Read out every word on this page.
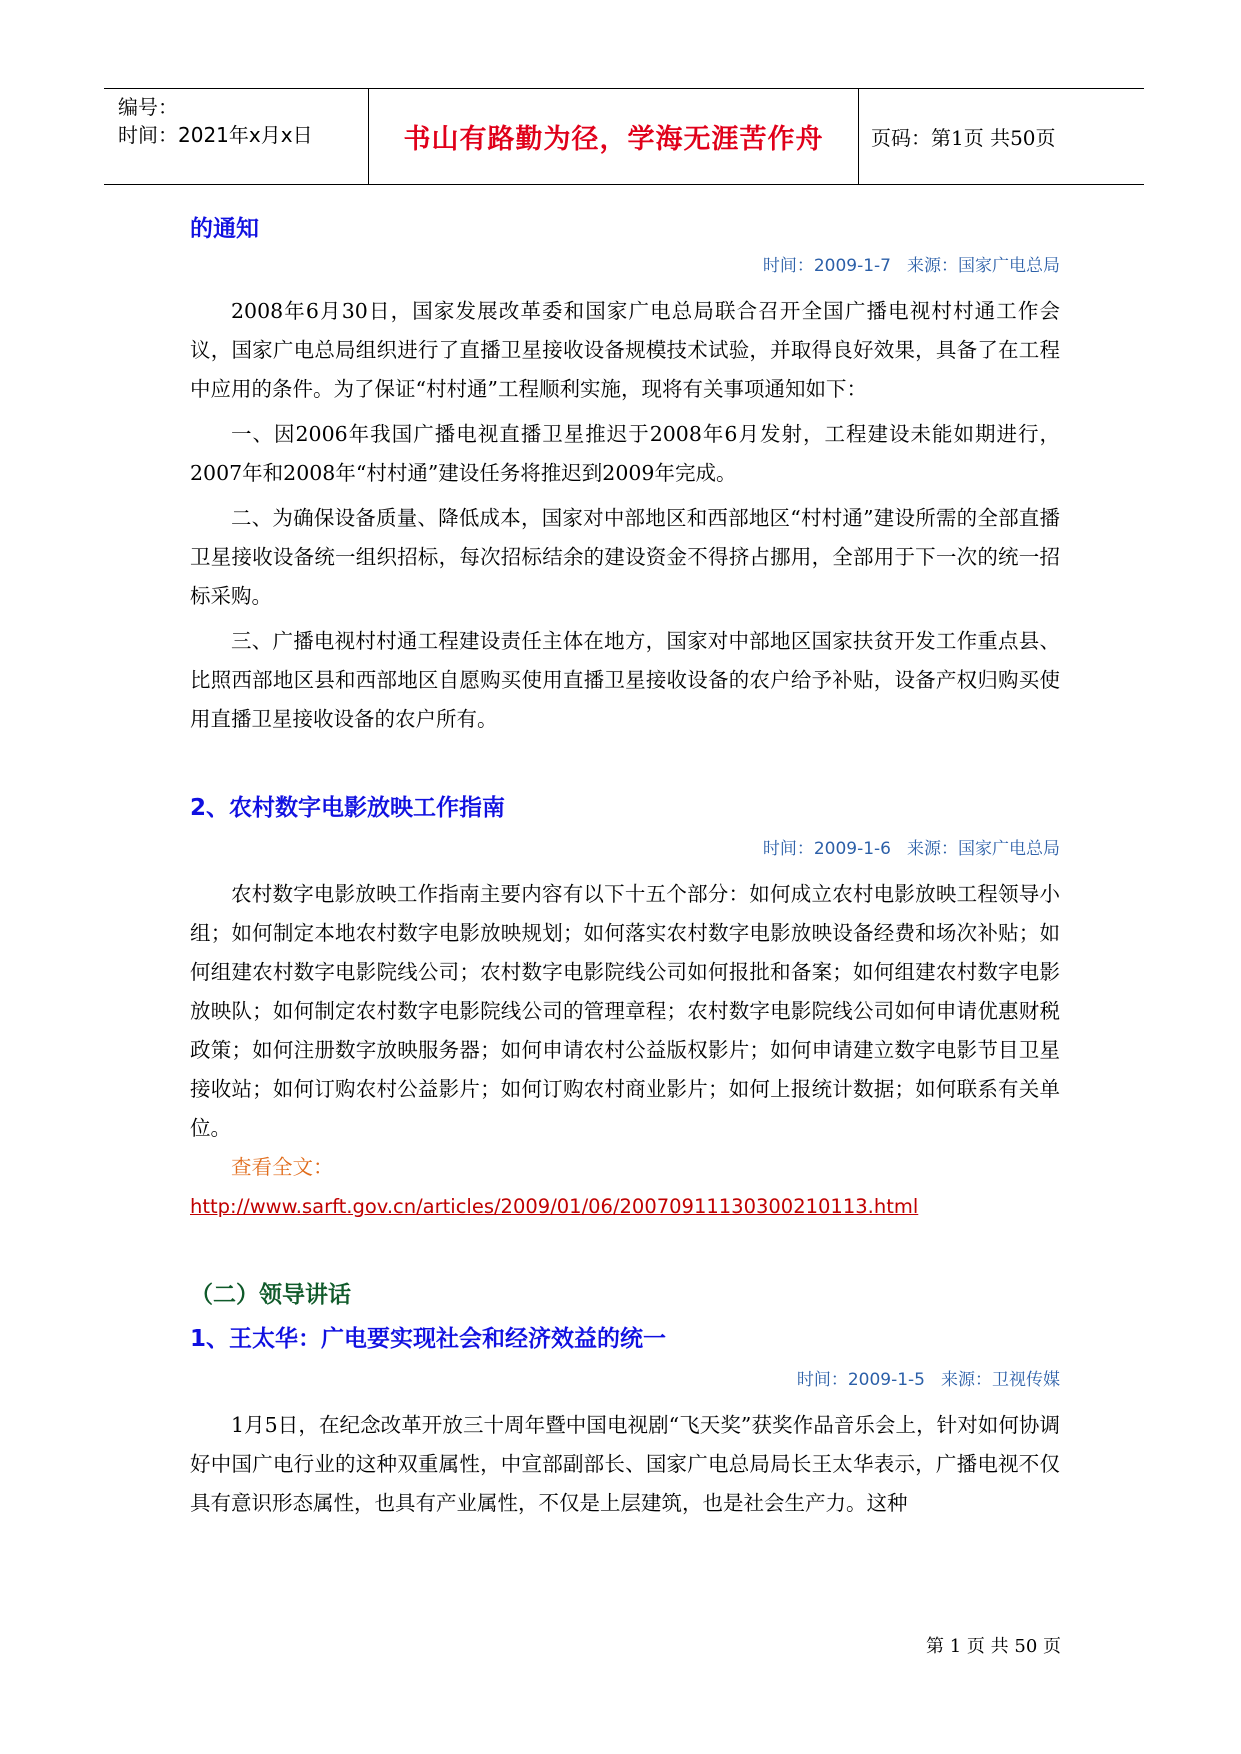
编号：
时间：2021年x月x日	书山有路勤为径，学海无涯苦作舟	页码：第1页 共50页
的通知
时间：2009-1-7 来源：国家广电总局

2008年6月30日，国家发展改革委和国家广电总局联合召开全国广播电视村村通工作会议，国家广电总局组织进行了直播卫星接收设备规模技术试验，并取得良好效果，具备了在工程中应用的条件。为了保证“村村通”工程顺利实施，现将有关事项通知如下：

一、因2006年我国广播电视直播卫星推迟于2008年6月发射，工程建设未能如期进行，2007年和2008年“村村通”建设任务将推迟到2009年完成。

二、为确保设备质量、降低成本，国家对中部地区和西部地区“村村通”建设所需的全部直播卫星接收设备统一组织招标，每次招标结余的建设资金不得挤占挪用，全部用于下一次的统一招标采购。

三、广播电视村村通工程建设责任主体在地方，国家对中部地区国家扶贫开发工作重点县、比照西部地区县和西部地区自愿购买使用直播卫星接收设备的农户给予补贴，设备产权归购买使用直播卫星接收设备的农户所有。

2、农村数字电影放映工作指南
时间：2009-1-6 来源：国家广电总局

农村数字电影放映工作指南主要内容有以下十五个部分：如何成立农村电影放映工程领导小组；如何制定本地农村数字电影放映规划；如何落实农村数字电影放映设备经费和场次补贴；如何组建农村数字电影院线公司；农村数字电影院线公司如何报批和备案；如何组建农村数字电影放映队；如何制定农村数字电影院线公司的管理章程；农村数字电影院线公司如何申请优惠财税政策；如何注册数字放映服务器；如何申请农村公益版权影片；如何申请建立数字电影节目卫星接收站；如何订购农村公益影片；如何订购农村商业影片；如何上报统计数据；如何联系有关单位。

查看全文：http://www.sarft.gov.cn/articles/2009/01/06/20070911130300210113.html

（二）领导讲话
1、王太华：广电要实现社会和经济效益的统一
时间：2009-1-5 来源：卫视传媒

1月5日，在纪念改革开放三十周年暨中国电视剧“飞天奖”获奖作品音乐会上，针对如何协调好中国广电行业的这种双重属性，中宣部副部长、国家广电总局局长王太华表示，广播电视不仅具有意识形态属性，也具有产业属性，不仅是上层建筑，也是社会生产力。这种

第 1 页 共 50 页
